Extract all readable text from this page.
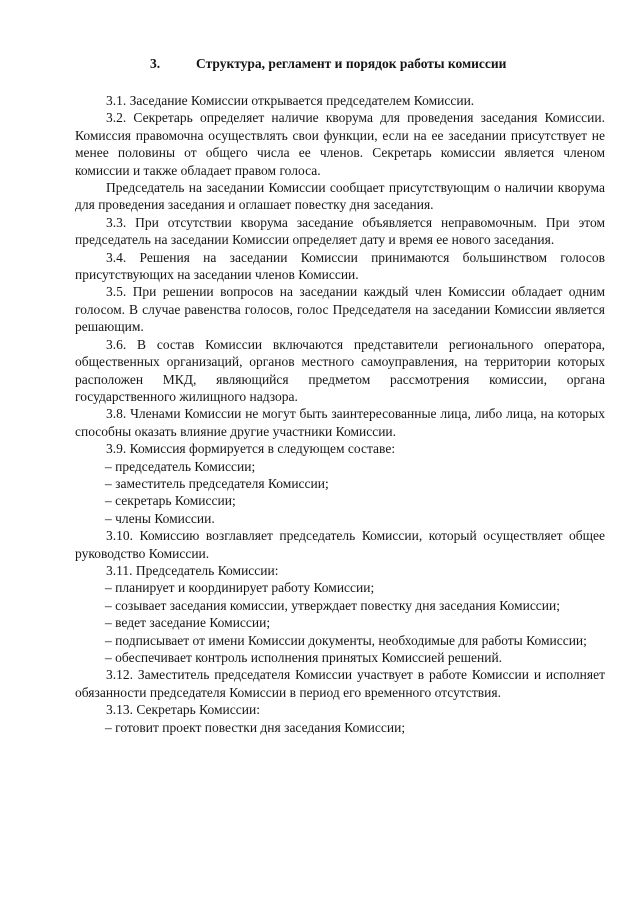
3.	Структура, регламент и порядок работы комиссии

3.1. Заседание Комиссии открывается председателем Комиссии.

3.2. Секретарь определяет наличие кворума для проведения заседания Комиссии. Комиссия правомочна осуществлять свои функции, если на ее заседании присутствует не менее половины от общего числа ее членов. Секретарь комиссии является членом комиссии и также обладает правом голоса.

Председатель на заседании Комиссии сообщает присутствующим о наличии кворума для проведения заседания и оглашает повестку дня заседания.

3.3. При отсутствии кворума заседание объявляется неправомочным. При этом председатель на заседании Комиссии определяет дату и время ее нового заседания.

3.4. Решения на заседании Комиссии принимаются большинством голосов присутствующих на заседании членов Комиссии.

3.5. При решении вопросов на заседании каждый член Комиссии обладает одним голосом. В случае равенства голосов, голос Председателя на заседании Комиссии является решающим.

3.6. В состав Комиссии включаются представители регионального оператора, общественных организаций, органов местного самоуправления, на территории которых расположен МКД, являющийся предметом рассмотрения комиссии, органа государственного жилищного надзора.

3.8. Членами Комиссии не могут быть заинтересованные лица, либо лица, на которых способны оказать влияние другие участники Комиссии.

3.9. Комиссия формируется в следующем составе:

– председатель Комиссии;

– заместитель председателя Комиссии;

– секретарь Комиссии;

– члены Комиссии.

3.10. Комиссию возглавляет председатель Комиссии, который осуществляет общее руководство Комиссии.

3.11. Председатель Комиссии:

– планирует и координирует работу Комиссии;

– созывает заседания комиссии, утверждает повестку дня заседания Комиссии;

– ведет заседание Комиссии;

– подписывает от имени Комиссии документы, необходимые для работы Комиссии;

– обеспечивает контроль исполнения принятых Комиссией решений.

3.12. Заместитель председателя Комиссии участвует в работе Комиссии и исполняет обязанности председателя Комиссии в период его временного отсутствия.

3.13. Секретарь Комиссии:

– готовит проект повестки дня заседания Комиссии;
